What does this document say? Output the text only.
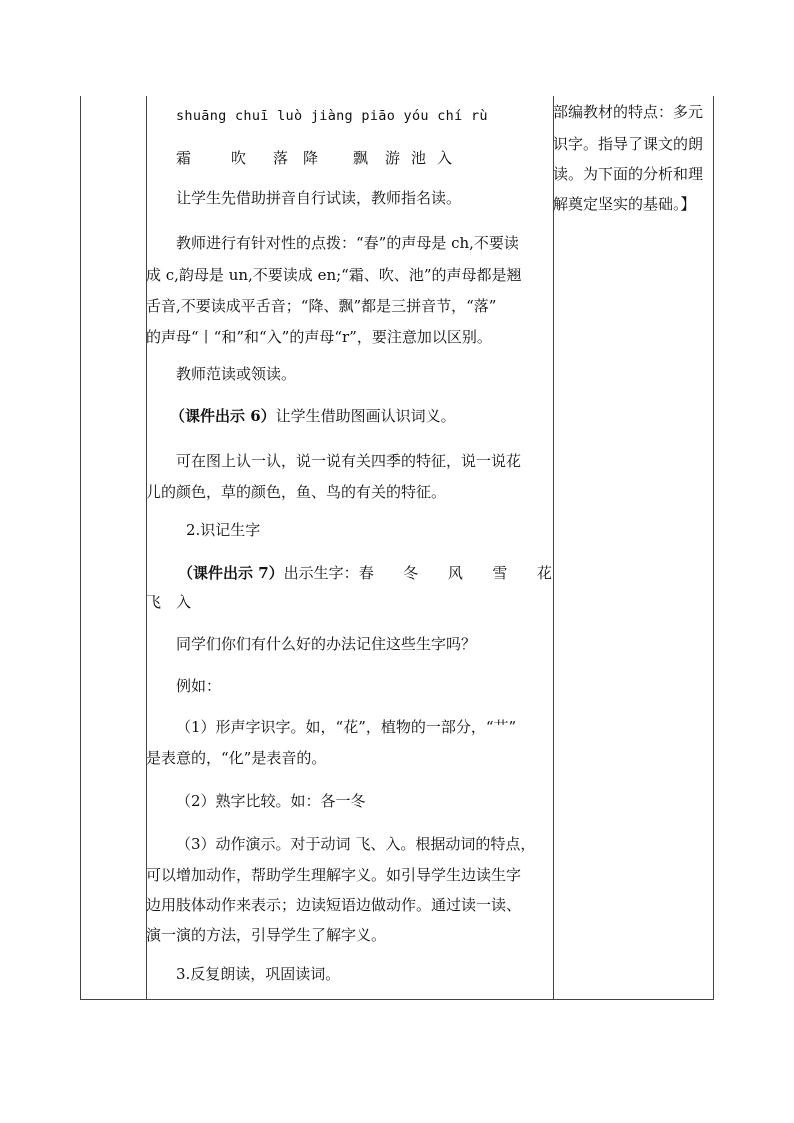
shuāng chuī luò jiàng piāo yóu chí rù
霜	吹 落 降 飘 游 池 入
让学生先借助拼音自行试读，教师指名读。
教师进行有针对性的点拨：“春”的声母是 ch,不要读
成 c,韵母是 un,不要读成 en;“霜、吹、池”的声母都是翘
舌音,不要读成平舌音；“降、飘”都是三拼音节，“落”
的声母“丨“和”和“入”的声母“r”，要注意加以区别。
教师范读或领读。
（课件出示 6）让学生借助图画认识词义。
可在图上认一认，说一说有关四季的特征，说一说花
儿的颜色，草的颜色，鱼、鸟的有关的特征。
2.识记生字
（课件出示 7） 出示生字： 春 冬 风 雪 花
飞　入
同学们你们有什么好的办法记住这些生字吗？
例如：
（1）形声字识字。如，“花”，植物的一部分，“艹”
是表意的，“化”是表音的。
（2）熟字比较。如：各一冬
（3）动作演示。对于动词 飞、入。根据动词的特点，
可以增加动作，帮助学生理解字义。如引导学生边读生字
边用肢体动作来表示；边读短语边做动作。通过读一读、
演一演的方法，引导学生了解字义。
3.反复朗读，巩固读词。
部编教材的特点：多元
识字。指导了课文的朗
读。为下面的分析和理
解奠定坚实的基础。】
